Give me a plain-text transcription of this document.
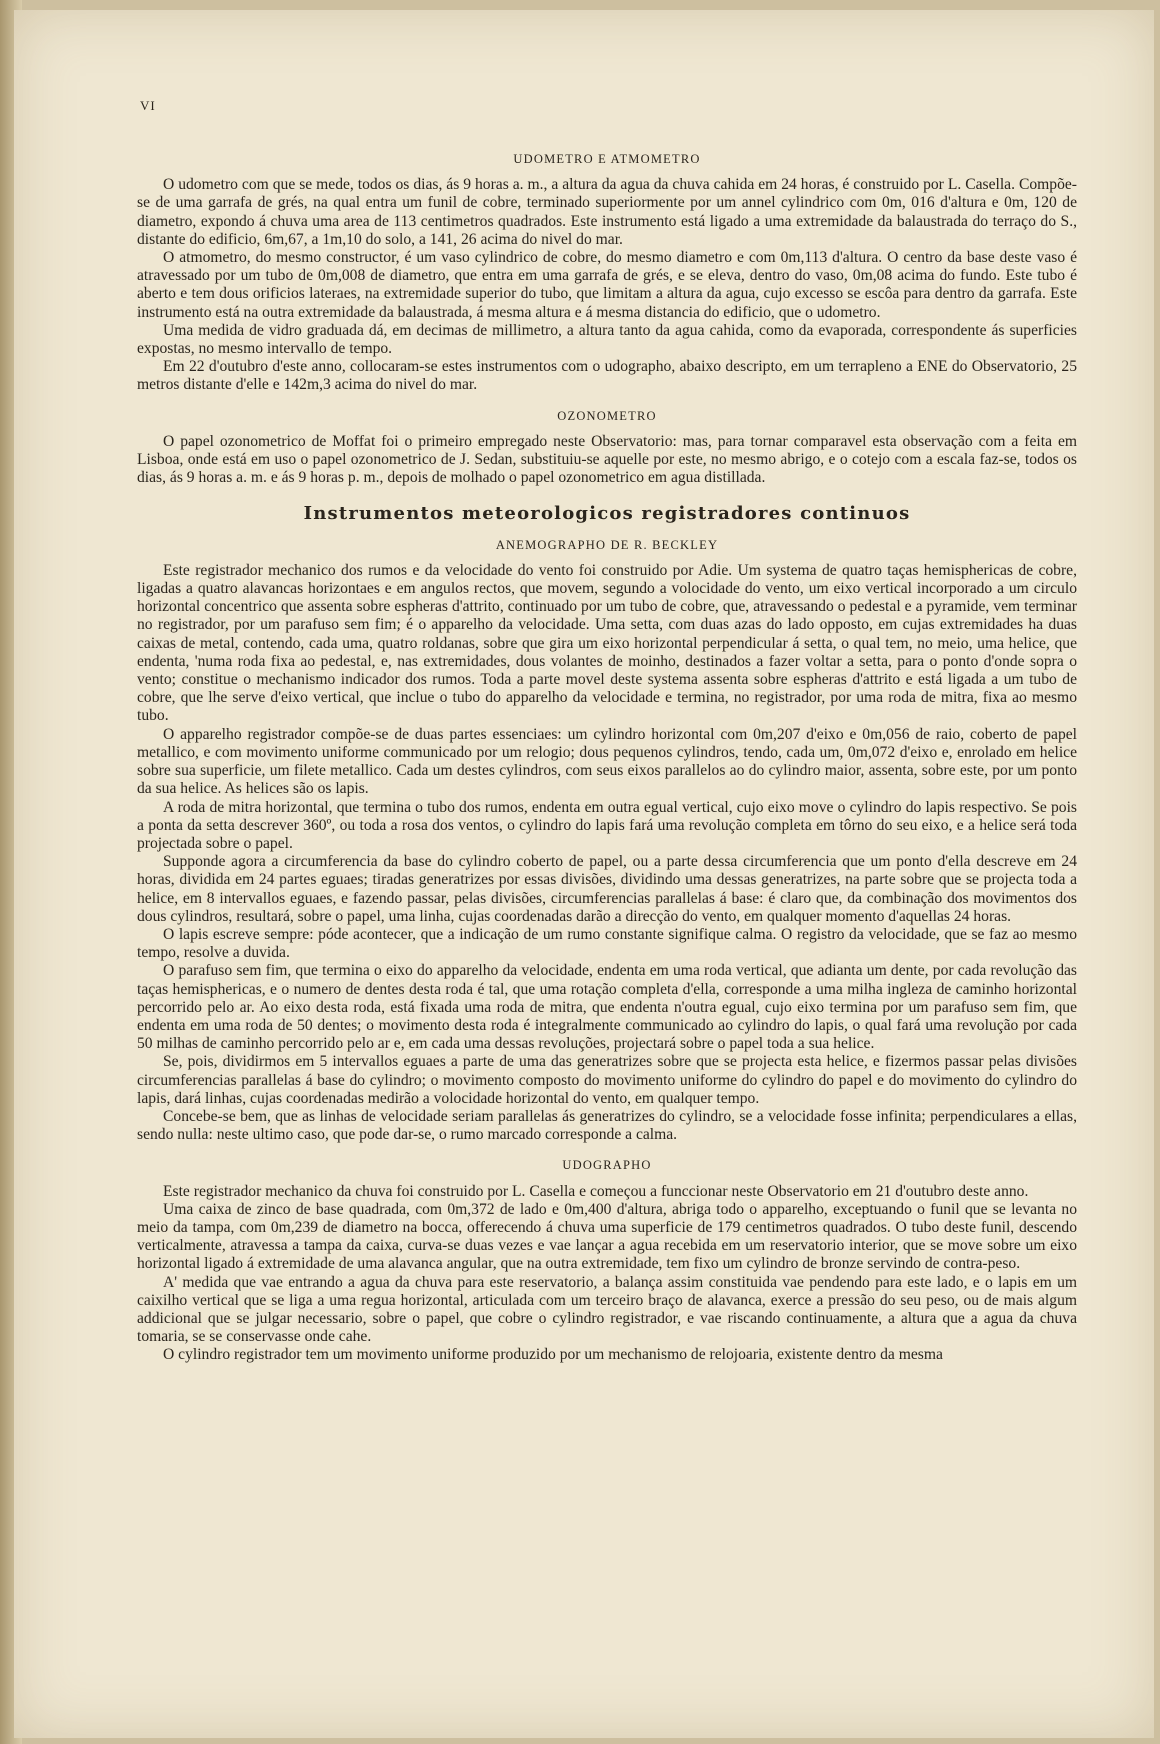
VI
UDOMETRO E ATMOMETRO

O udometro com que se mede, todos os dias, ás 9 horas a. m., a altura da agua da chuva cahida em 24 horas, é construido por L. Casella. Compõe-se de uma garrafa de grés, na qual entra um funil de cobre, terminado superiormente por um annel cylindrico com 0m, 016 d'altura e 0m, 120 de diametro, expondo á chuva uma area de 113 centimetros quadrados. Este instrumento está ligado a uma extremidade da balaustrada do terraço do S., distante do edificio, 6m,67, a 1m,10 do solo, a 141, 26 acima do nivel do mar.

O atmometro, do mesmo constructor, é um vaso cylindrico de cobre, do mesmo diametro e com 0m,113 d'altura. O centro da base deste vaso é atravessado por um tubo de 0m,008 de diametro, que entra em uma garrafa de grés, e se eleva, dentro do vaso, 0m,08 acima do fundo. Este tubo é aberto e tem dous orificios lateraes, na extremidade superior do tubo, que limitam a altura da agua, cujo excesso se escôa para dentro da garrafa. Este instrumento está na outra extremidade da balaustrada, á mesma altura e á mesma distancia do edificio, que o udometro.

Uma medida de vidro graduada dá, em decimas de millimetro, a altura tanto da agua cahida, como da evaporada, correspondente ás superficies expostas, no mesmo intervallo de tempo.

Em 22 d'outubro d'este anno, collocaram-se estes instrumentos com o udographo, abaixo descripto, em um terrapleno a ENE do Observatorio, 25 metros distante d'elle e 142m,3 acima do nivel do mar.

OZONOMETRO

O papel ozonometrico de Moffat foi o primeiro empregado neste Observatorio: mas, para tornar comparavel esta observação com a feita em Lisboa, onde está em uso o papel ozonometrico de J. Sedan, substituiu-se aquelle por este, no mesmo abrigo, e o cotejo com a escala faz-se, todos os dias, ás 9 horas a. m. e ás 9 horas p. m., depois de molhado o papel ozonometrico em agua distillada.

Instrumentos meteorologicos registradores continuos
ANEMOGRAPHO DE R. BECKLEY

Este registrador mechanico dos rumos e da velocidade do vento foi construido por Adie. Um systema de quatro taças hemisphericas de cobre, ligadas a quatro alavancas horizontaes e em angulos rectos, que movem, segundo a volocidade do vento, um eixo vertical incorporado a um circulo horizontal concentrico que assenta sobre espheras d'attrito, continuado por um tubo de cobre, que, atravessando o pedestal e a pyramide, vem terminar no registrador, por um parafuso sem fim; é o apparelho da velocidade. Uma setta, com duas azas do lado opposto, em cujas extremidades ha duas caixas de metal, contendo, cada uma, quatro roldanas, sobre que gira um eixo horizontal perpendicular á setta, o qual tem, no meio, uma helice, que endenta, 'numa roda fixa ao pedestal, e, nas extremidades, dous volantes de moinho, destinados a fazer voltar a setta, para o ponto d'onde sopra o vento; constitue o mechanismo indicador dos rumos. Toda a parte movel deste systema assenta sobre espheras d'attrito e está ligada a um tubo de cobre, que lhe serve d'eixo vertical, que inclue o tubo do apparelho da velocidade e termina, no registrador, por uma roda de mitra, fixa ao mesmo tubo.

O apparelho registrador compõe-se de duas partes essenciaes: um cylindro horizontal com 0m,207 d'eixo e 0m,056 de raio, coberto de papel metallico, e com movimento uniforme communicado por um relogio; dous pequenos cylindros, tendo, cada um, 0m,072 d'eixo e, enrolado em helice sobre sua superficie, um filete metallico. Cada um destes cylindros, com seus eixos parallelos ao do cylindro maior, assenta, sobre este, por um ponto da sua helice. As helices são os lapis.

A roda de mitra horizontal, que termina o tubo dos rumos, endenta em outra egual vertical, cujo eixo move o cylindro do lapis respectivo. Se pois a ponta da setta descrever 360º, ou toda a rosa dos ventos, o cylindro do lapis fará uma revolução completa em tôrno do seu eixo, e a helice será toda projectada sobre o papel.

Supponde agora a circumferencia da base do cylindro coberto de papel, ou a parte dessa circumferencia que um ponto d'ella descreve em 24 horas, dividida em 24 partes eguaes; tiradas generatrizes por essas divisões, dividindo uma dessas generatrizes, na parte sobre que se projecta toda a helice, em 8 intervallos eguaes, e fazendo passar, pelas divisões, circumferencias parallelas á base: é claro que, da combinação dos movimentos dos dous cylindros, resultará, sobre o papel, uma linha, cujas coordenadas darão a direcção do vento, em qualquer momento d'aquellas 24 horas.

O lapis escreve sempre: póde acontecer, que a indicação de um rumo constante signifique calma. O registro da velocidade, que se faz ao mesmo tempo, resolve a duvida.

O parafuso sem fim, que termina o eixo do apparelho da velocidade, endenta em uma roda vertical, que adianta um dente, por cada revolução das taças hemisphericas, e o numero de dentes desta roda é tal, que uma rotação completa d'ella, corresponde a uma milha ingleza de caminho horizontal percorrido pelo ar. Ao eixo desta roda, está fixada uma roda de mitra, que endenta n'outra egual, cujo eixo termina por um parafuso sem fim, que endenta em uma roda de 50 dentes; o movimento desta roda é integralmente communicado ao cylindro do lapis, o qual fará uma revolução por cada 50 milhas de caminho percorrido pelo ar e, em cada uma dessas revoluções, projectará sobre o papel toda a sua helice.

Se, pois, dividirmos em 5 intervallos eguaes a parte de uma das generatrizes sobre que se projecta esta helice, e fizermos passar pelas divisões circumferencias parallelas á base do cylindro; o movimento composto do movimento uniforme do cylindro do papel e do movimento do cylindro do lapis, dará linhas, cujas coordenadas medirão a volocidade horizontal do vento, em qualquer tempo.

Concebe-se bem, que as linhas de velocidade seriam parallelas ás generatrizes do cylindro, se a velocidade fosse infinita; perpendiculares a ellas, sendo nulla: neste ultimo caso, que pode dar-se, o rumo marcado corresponde a calma.

UDOGRAPHO

Este registrador mechanico da chuva foi construido por L. Casella e começou a funccionar neste Observatorio em 21 d'outubro deste anno.

Uma caixa de zinco de base quadrada, com 0m,372 de lado e 0m,400 d'altura, abriga todo o apparelho, exceptuando o funil que se levanta no meio da tampa, com 0m,239 de diametro na bocca, offerecendo á chuva uma superficie de 179 centimetros quadrados. O tubo deste funil, descendo verticalmente, atravessa a tampa da caixa, curva-se duas vezes e vae lançar a agua recebida em um reservatorio interior, que se move sobre um eixo horizontal ligado á extremidade de uma alavanca angular, que na outra extremidade, tem fixo um cylindro de bronze servindo de contra-peso.

A' medida que vae entrando a agua da chuva para este reservatorio, a balança assim constituida vae pendendo para este lado, e o lapis em um caixilho vertical que se liga a uma regua horizontal, articulada com um terceiro braço de alavanca, exerce a pressão do seu peso, ou de mais algum addicional que se julgar necessario, sobre o papel, que cobre o cylindro registrador, e vae riscando continuamente, a altura que a agua da chuva tomaria, se se conservasse onde cahe.

O cylindro registrador tem um movimento uniforme produzido por um mechanismo de relojoaria, existente dentro da mesma
